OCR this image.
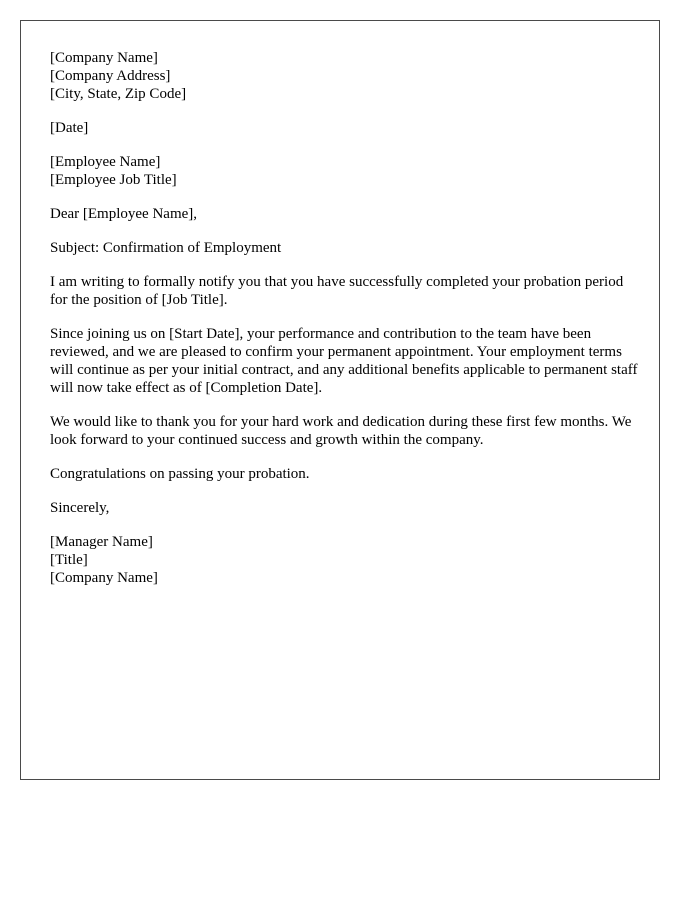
[Company Name]
[Company Address]
[City, State, Zip Code]
[Date]
[Employee Name]
[Employee Job Title]
Dear [Employee Name],
Subject: Confirmation of Employment

I am writing to formally notify you that you have successfully completed your probation period for the position of [Job Title].

Since joining us on [Start Date], your performance and contribution to the team have been reviewed, and we are pleased to confirm your permanent appointment. Your employment terms will continue as per your initial contract, and any additional benefits applicable to permanent staff will now take effect as of [Completion Date].

We would like to thank you for your hard work and dedication during these first few months. We look forward to your continued success and growth within the company.

Congratulations on passing your probation.

Sincerely,
[Manager Name]
[Title]
[Company Name]
